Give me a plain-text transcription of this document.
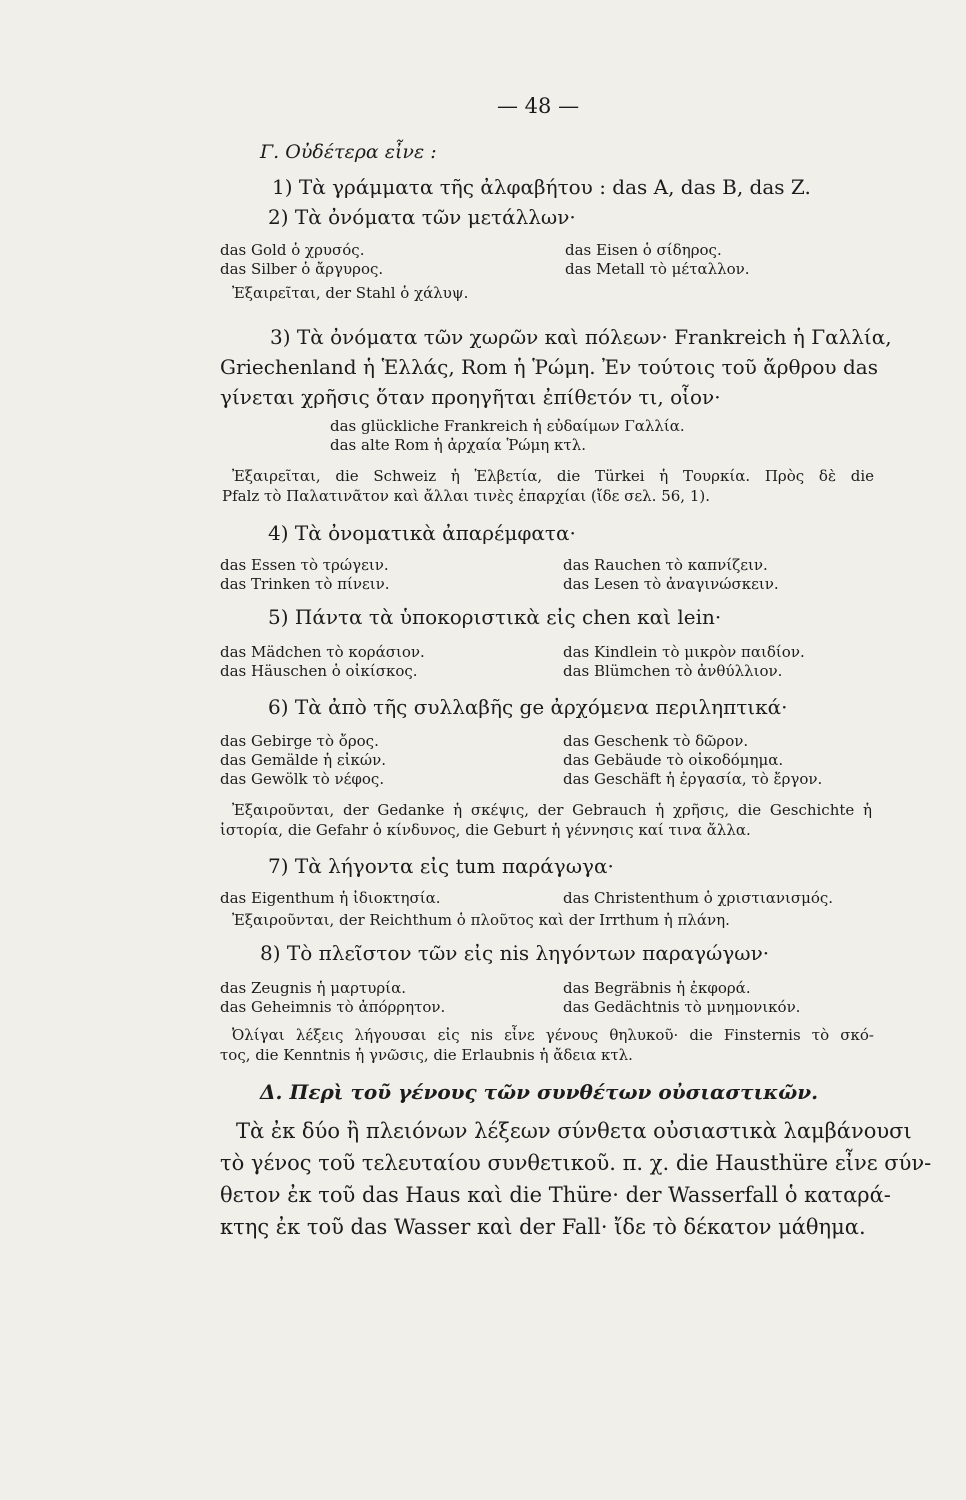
— 48 —
Γ. Οὐδέτερα εἶνε :
1) Τὰ γράμματα τῆς ἀλφαβήτου : das A, das B, das Z.
2) Τὰ ὀνόματα τῶν μετάλλων·
das Gold ὁ χρυσός.
das Silber ὁ ἄργυρος.
das Eisen ὁ σίδηρος.
das Metall τὸ μέταλλον.
Ἐξαιρεῖται, der Stahl ὁ χάλυψ.
3) Τὰ ὀνόματα τῶν χωρῶν καὶ πόλεων· Frankreich ἡ Γαλλία,
Griechenland ἡ Ἑλλάς, Rom ἡ Ῥώμη. Ἐν τούτοις τοῦ ἄρθρου das
γίνεται χρῆσις ὅταν προηγῆται ἐπίθετόν τι, οἷον·
das glückliche Frankreich ἡ εὐδαίμων Γαλλία.
das alte Rom ἡ ἀρχαία Ῥώμη κτλ.
Ἐξαιρεῖται, die Schweiz ἡ Ἑλβετία, die Türkei ἡ Τουρκία. Πρὸς δὲ die
Pfalz τὸ Παλατινᾶτον καὶ ἄλλαι τινὲς ἐπαρχίαι (ἴδε σελ. 56, 1).
4) Τὰ ὀνοματικὰ ἀπαρέμφατα·
das Essen τὸ τρώγειν.
das Trinken τὸ πίνειν.
das Rauchen τὸ καπνίζειν.
das Lesen τὸ ἀναγινώσκειν.
5) Πάντα τὰ ὑποκοριστικὰ εἰς chen καὶ lein·
das Mädchen τὸ κοράσιον.
das Häuschen ὁ οἰκίσκος.
das Kindlein τὸ μικρὸν παιδίον.
das Blümchen τὸ ἀνθύλλιον.
6) Τὰ ἀπὸ τῆς συλλαβῆς ge ἀρχόμενα περιληπτικά·
das Gebirge τὸ ὄρος.
das Gemälde ἡ εἰκών.
das Gewölk τὸ νέφος.
das Geschenk τὸ δῶρον.
das Gebäude τὸ οἰκοδόμημα.
das Geschäft ἡ ἐργασία, τὸ ἔργον.
Ἐξαιροῦνται, der Gedanke ἡ σκέψις, der Gebrauch ἡ χρῆσις, die Geschichte ἡ
ἱστορία, die Gefahr ὁ κίνδυνος, die Geburt ἡ γέννησις καί τινα ἄλλα.
7) Τὰ λήγοντα εἰς tum παράγωγα·
das Eigenthum ἡ ἰδιοκτησία.	das Christenthum ὁ χριστιανισμός.
Ἐξαιροῦνται, der Reichthum ὁ πλοῦτος καὶ der Irrthum ἡ πλάνη.
8) Τὸ πλεῖστον τῶν εἰς nis ληγόντων παραγώγων·
das Zeugnis ἡ μαρτυρία.
das Geheimnis τὸ ἀπόρρητον.
das Begräbnis ἡ ἐκφορά.
das Gedächtnis τὸ μνημονικόν.
Ὀλίγαι λέξεις λήγουσαι εἰς nis εἶνε γένους θηλυκοῦ· die Finsternis τὸ σκό-
τος, die Kenntnis ἡ γνῶσις, die Erlaubnis ἡ ἄδεια κτλ.
Δ. Περὶ τοῦ γένους τῶν συνθέτων οὐσιαστικῶν.
Τὰ ἐκ δύο ἢ πλειόνων λέξεων σύνθετα οὐσιαστικὰ λαμβάνουσι
τὸ γένος τοῦ τελευταίου συνθετικοῦ. π. χ. die Hausthüre εἶνε σύν-
θετον ἐκ τοῦ das Haus καὶ die Thüre· der Wasserfall ὁ καταρά-
κτης ἐκ τοῦ das Wasser καὶ der Fall· ἴδε τὸ δέκατον μάθημα.
